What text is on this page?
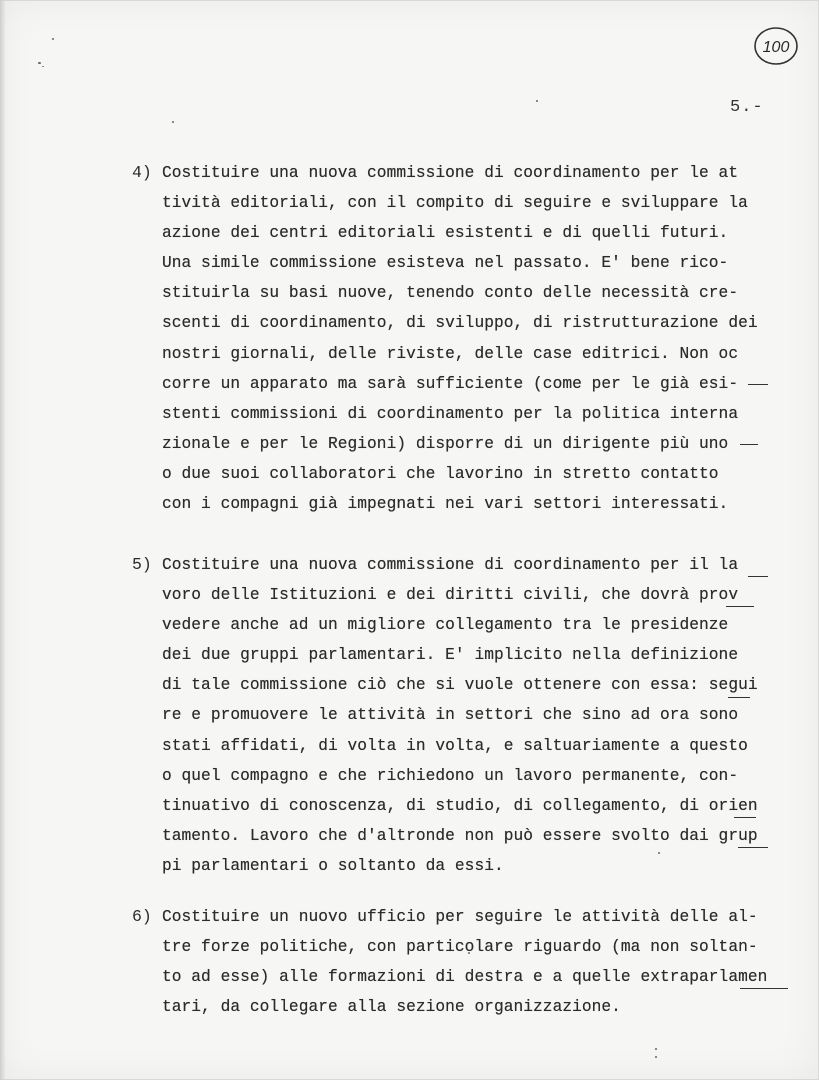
100
5.-
4) Costituire una nuova commissione di coordinamento per le at
tività editoriali, con il compito di seguire e sviluppare la
azione dei centri editoriali esistenti e di quelli futuri.
Una simile commissione esisteva nel passato. E' bene rico-
stituirla su basi nuove, tenendo conto delle necessità cre-
scenti di coordinamento, di sviluppo, di ristrutturazione dei
nostri giornali, delle riviste, delle case editrici. Non oc
corre un apparato ma sarà sufficiente (come per le già esi-
stenti commissioni di coordinamento per la politica interna
zionale e per le Regioni) disporre di un dirigente più uno
o due suoi collaboratori che lavorino in stretto contatto
con i compagni già impegnati nei vari settori interessati.
5) Costituire una nuova commissione di coordinamento per il la
voro delle Istituzioni e dei diritti civili, che dovrà prov
vedere anche ad un migliore collegamento tra le presidenze
dei due gruppi parlamentari. E' implicito nella definizione
di tale commissione ciò che si vuole ottenere con essa: segui
re e promuovere le attività in settori che sino ad ora sono
stati affidati, di volta in volta, e saltuariamente a questo
o quel compagno e che richiedono un lavoro permanente, con-
tinuativo di conoscenza, di studio, di collegamento, di orien
tamento. Lavoro che d'altronde non può essere svolto dai grup
pi parlamentari o soltanto da essi.
6) Costituire un nuovo ufficio per seguire le attività delle al-
tre forze politiche, con particolare riguardo (ma non soltan-
to ad esse) alle formazioni di destra e a quelle extraparlamen
tari, da collegare alla sezione organizzazione.
